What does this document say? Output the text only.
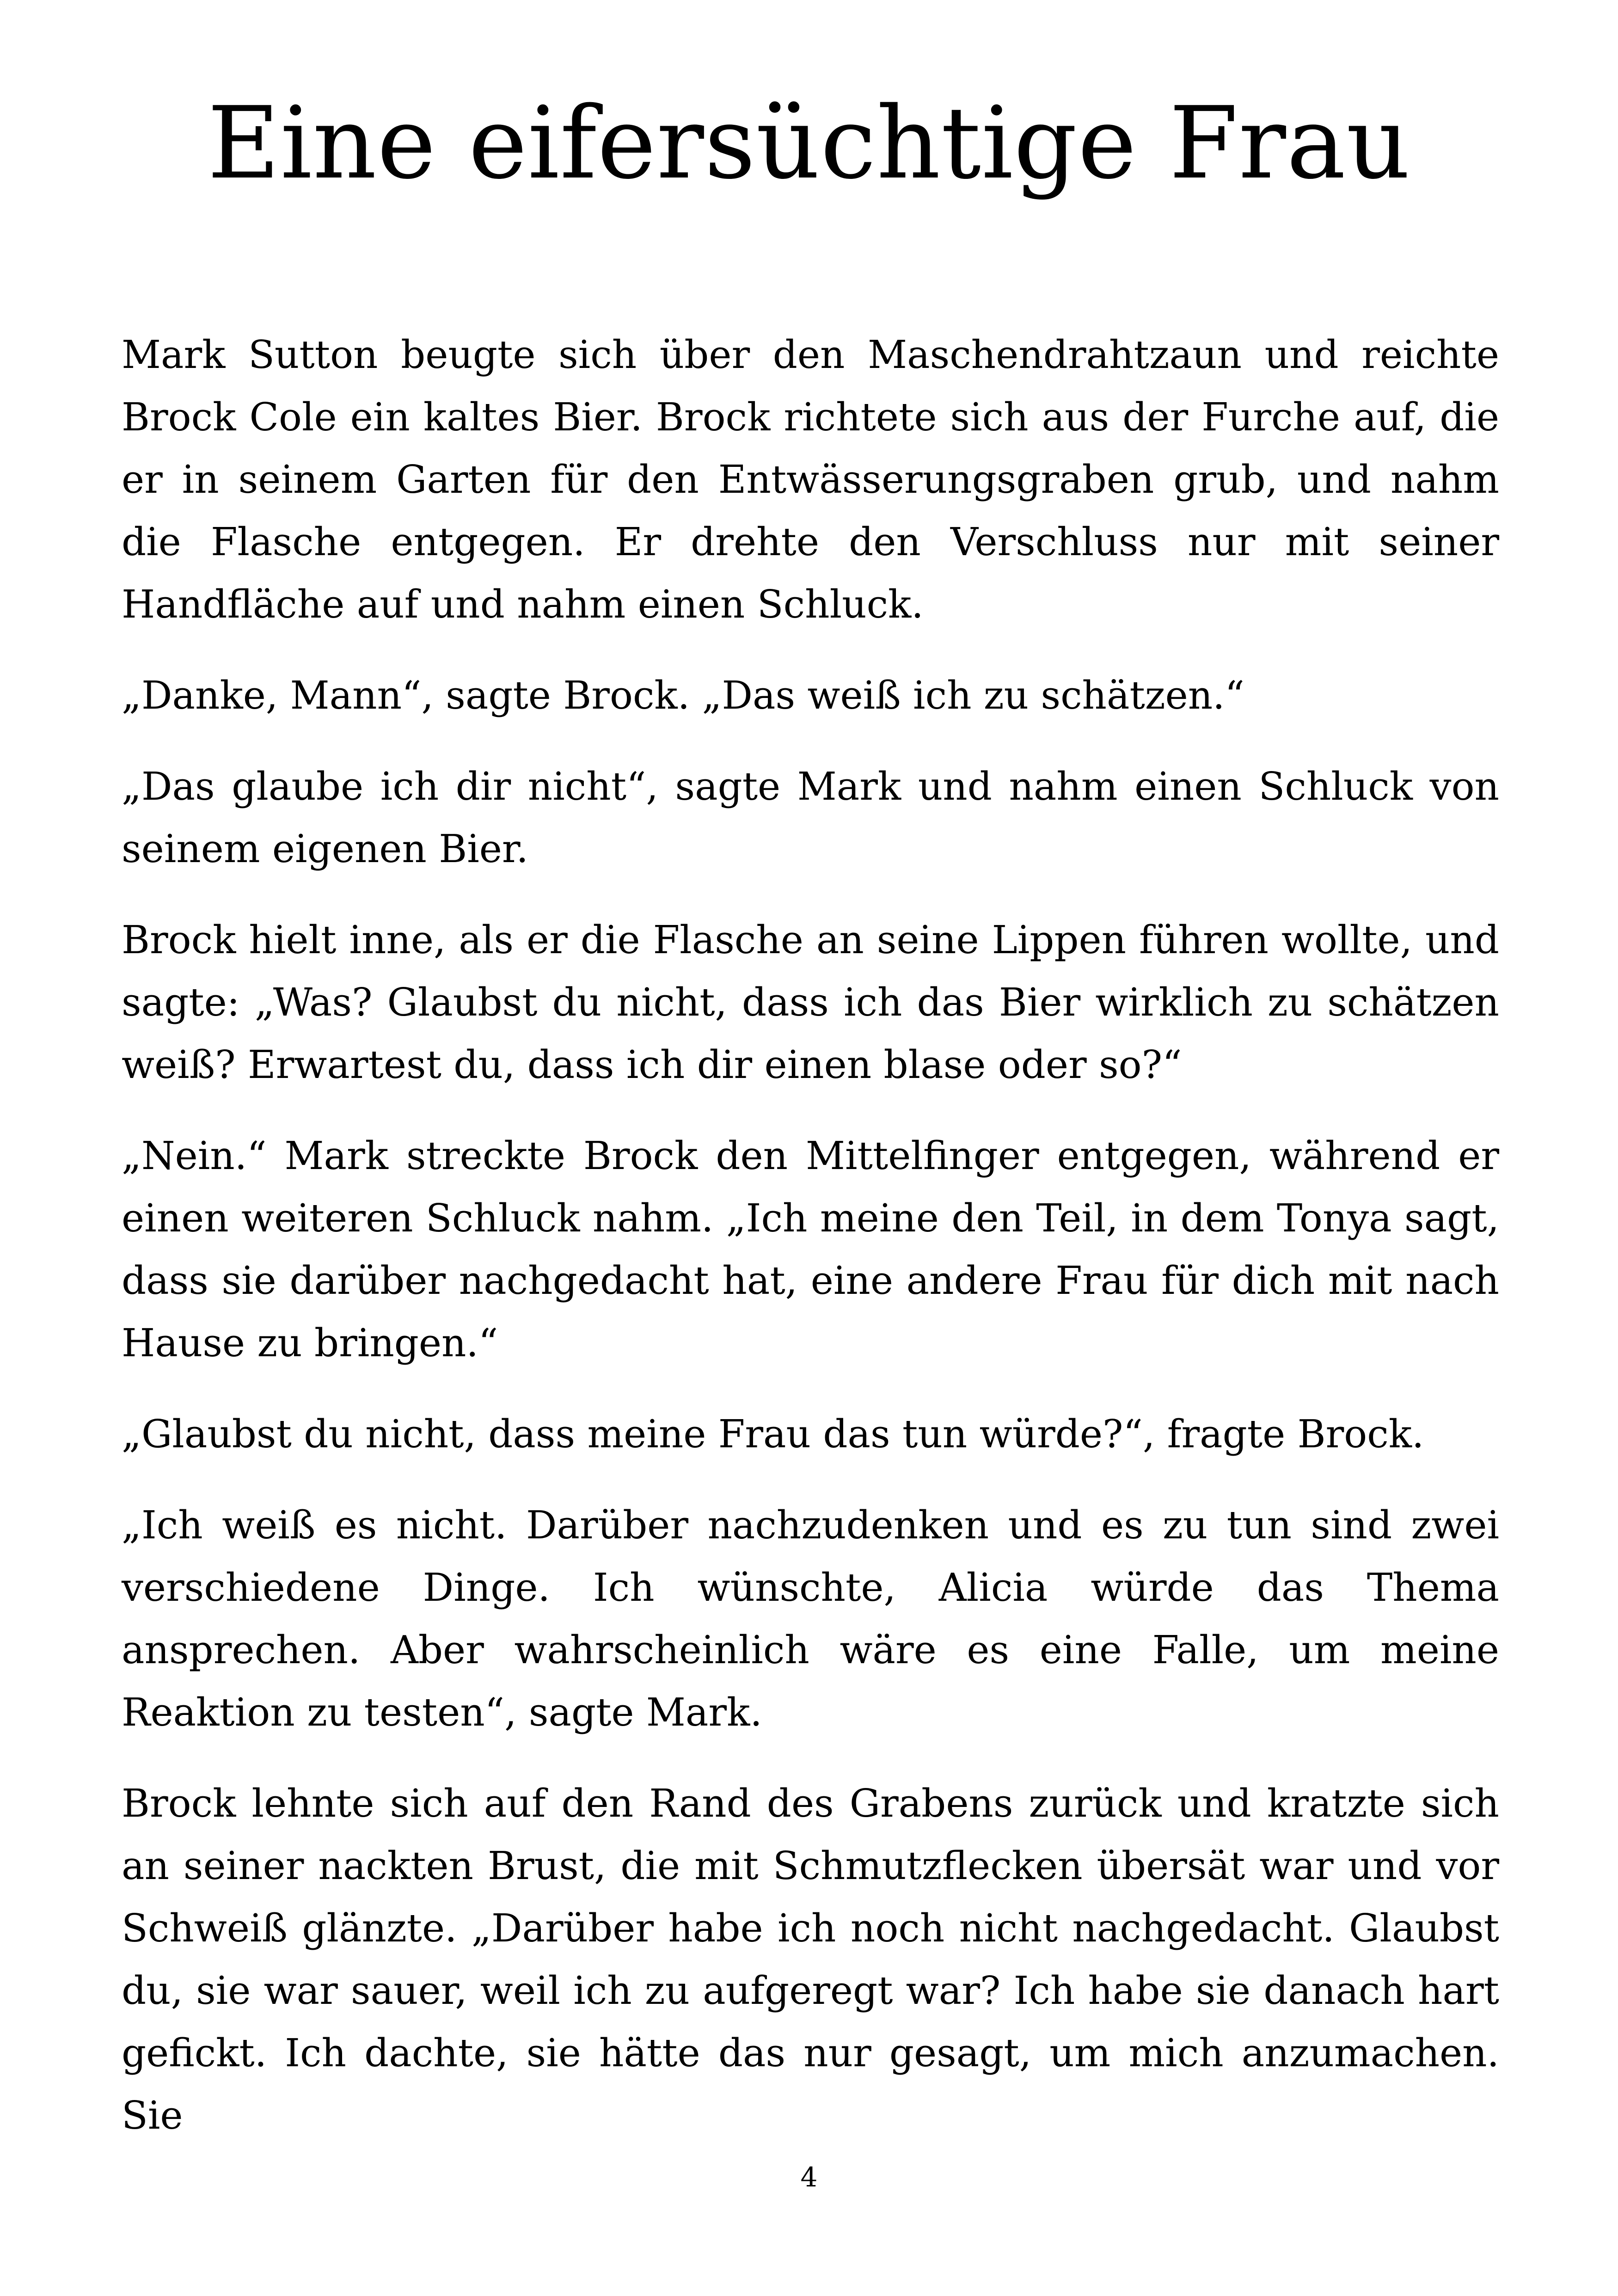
Eine eifersüchtige Frau

Mark Sutton beugte sich über den Maschendrahtzaun und reichte Brock Cole ein kaltes Bier. Brock richtete sich aus der Furche auf, die er in seinem Garten für den Entwässerungsgraben grub, und nahm die Flasche entgegen. Er drehte den Verschluss nur mit seiner Handfläche auf und nahm einen Schluck.

„Danke, Mann“, sagte Brock. „Das weiß ich zu schätzen.“

„Das glaube ich dir nicht“, sagte Mark und nahm einen Schluck von seinem eigenen Bier.

Brock hielt inne, als er die Flasche an seine Lippen führen wollte, und sagte: „Was? Glaubst du nicht, dass ich das Bier wirklich zu schätzen weiß? Erwartest du, dass ich dir einen blase oder so?“

„Nein.“ Mark streckte Brock den Mittelfinger entgegen, während er einen weiteren Schluck nahm. „Ich meine den Teil, in dem Tonya sagt, dass sie darüber nachgedacht hat, eine andere Frau für dich mit nach Hause zu bringen.“

„Glaubst du nicht, dass meine Frau das tun würde?“, fragte Brock.

„Ich weiß es nicht. Darüber nachzudenken und es zu tun sind zwei verschiedene Dinge. Ich wünschte, Alicia würde das Thema ansprechen. Aber wahrscheinlich wäre es eine Falle, um meine Reaktion zu testen“, sagte Mark.

Brock lehnte sich auf den Rand des Grabens zurück und kratzte sich an seiner nackten Brust, die mit Schmutzflecken übersät war und vor Schweiß glänzte. „Darüber habe ich noch nicht nachgedacht. Glaubst du, sie war sauer, weil ich zu aufgeregt war? Ich habe sie danach hart gefickt. Ich dachte, sie hätte das nur gesagt, um mich anzumachen. Sie

4
